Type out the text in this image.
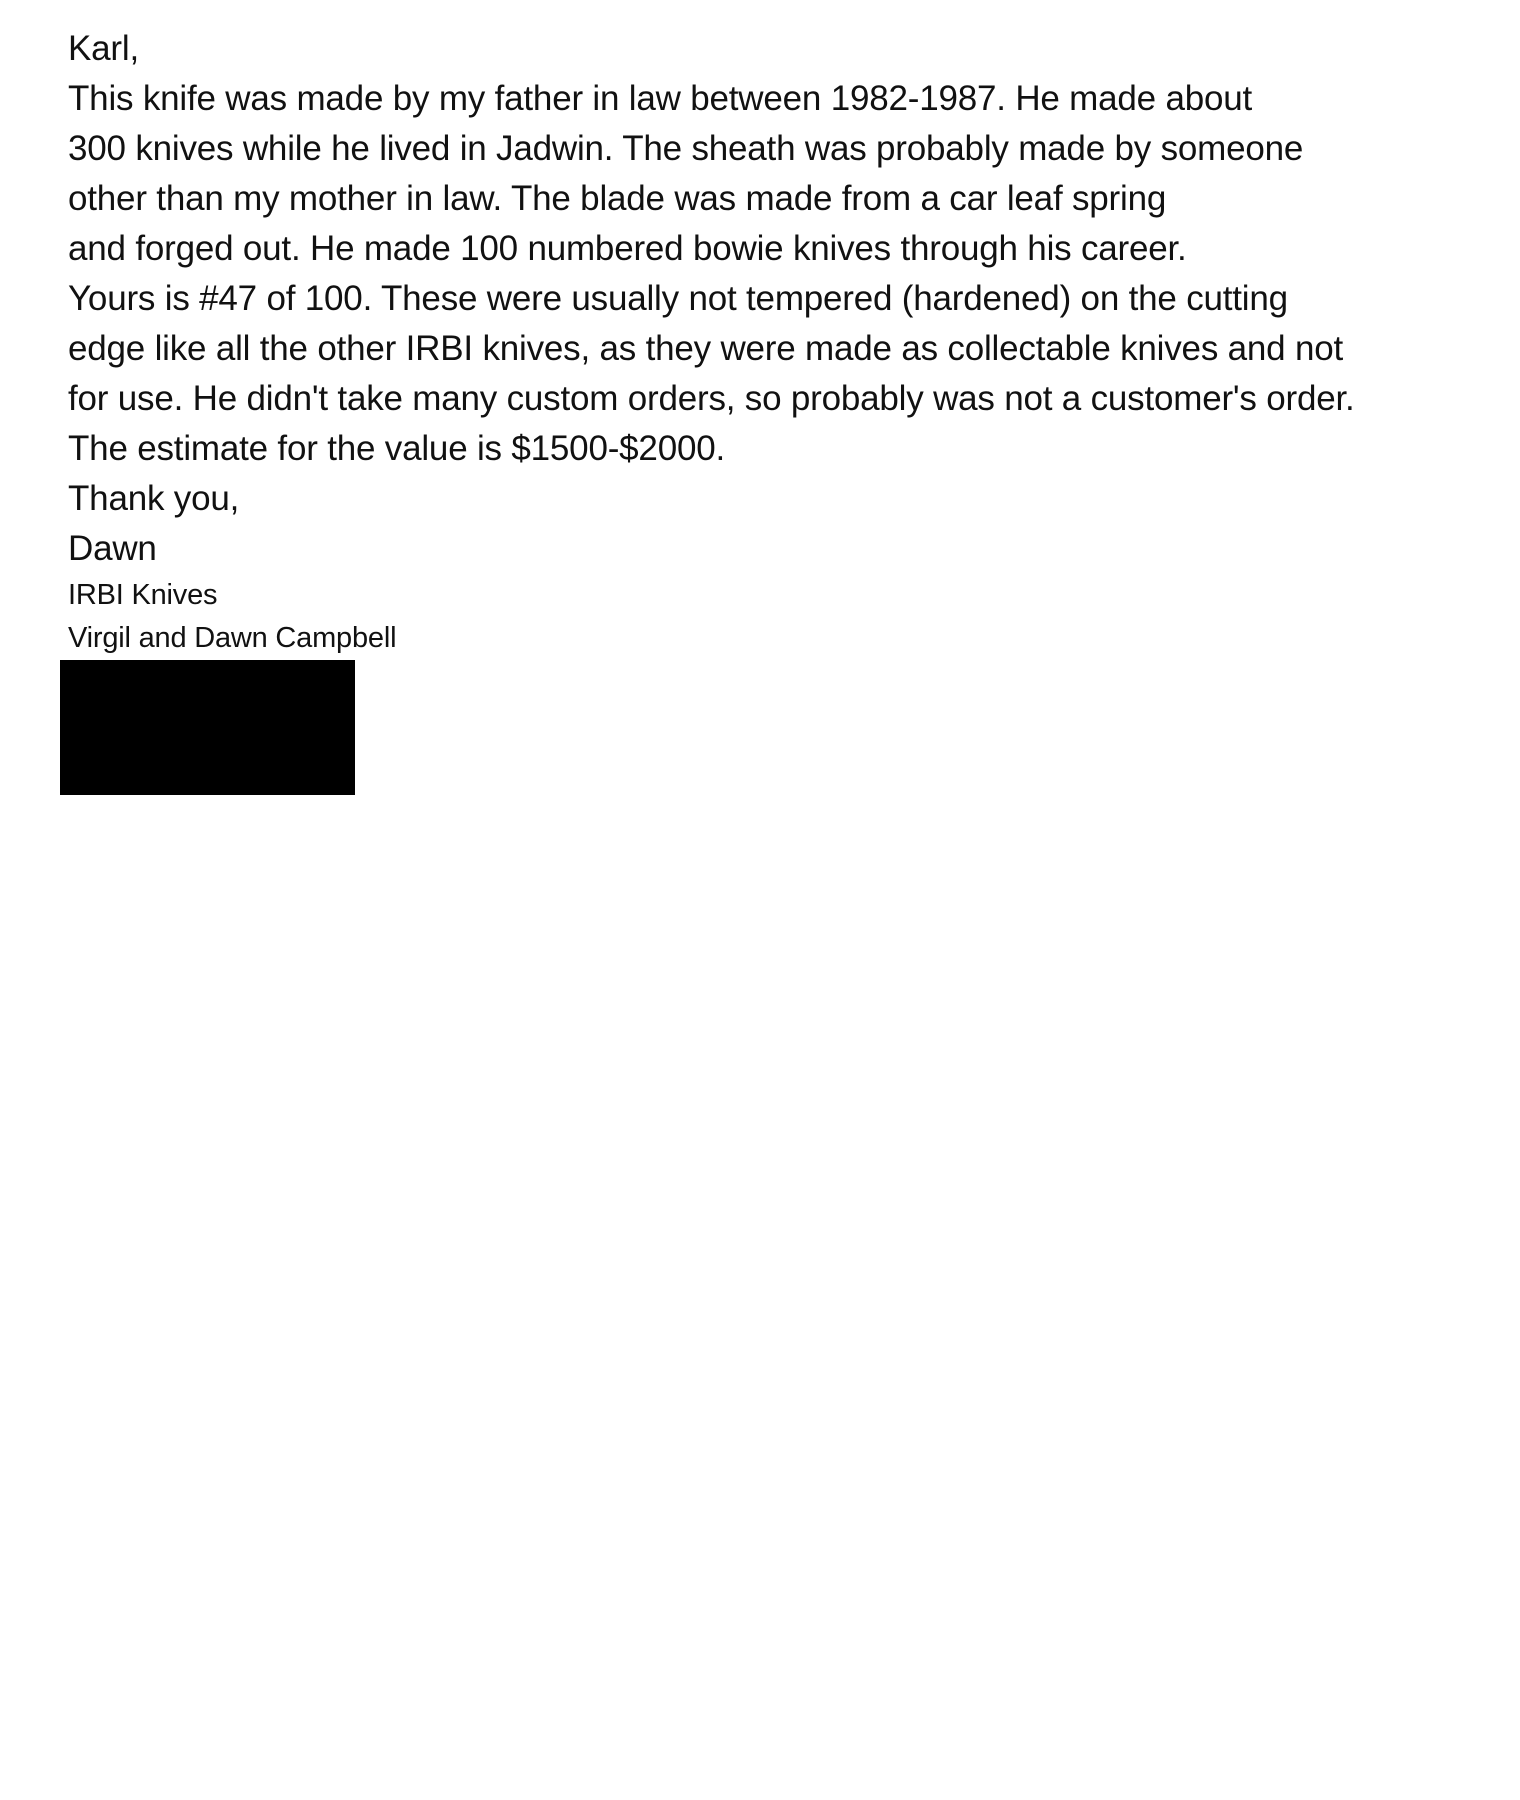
Karl,
This knife was made by my father in law between 1982-1987. He made about
300 knives while he lived in Jadwin. The sheath was probably made by someone
other than my mother in law. The blade was made from a car leaf spring
and forged out. He made 100 numbered bowie knives through his career.
Yours is #47 of 100. These were usually not tempered (hardened) on the cutting
edge like all the other IRBI knives, as they were made as collectable knives and not
for use. He didn't take many custom orders, so probably was not a customer's order.
The estimate for the value is $1500-$2000.
Thank you,
Dawn
IRBI Knives
Virgil and Dawn Campbell
